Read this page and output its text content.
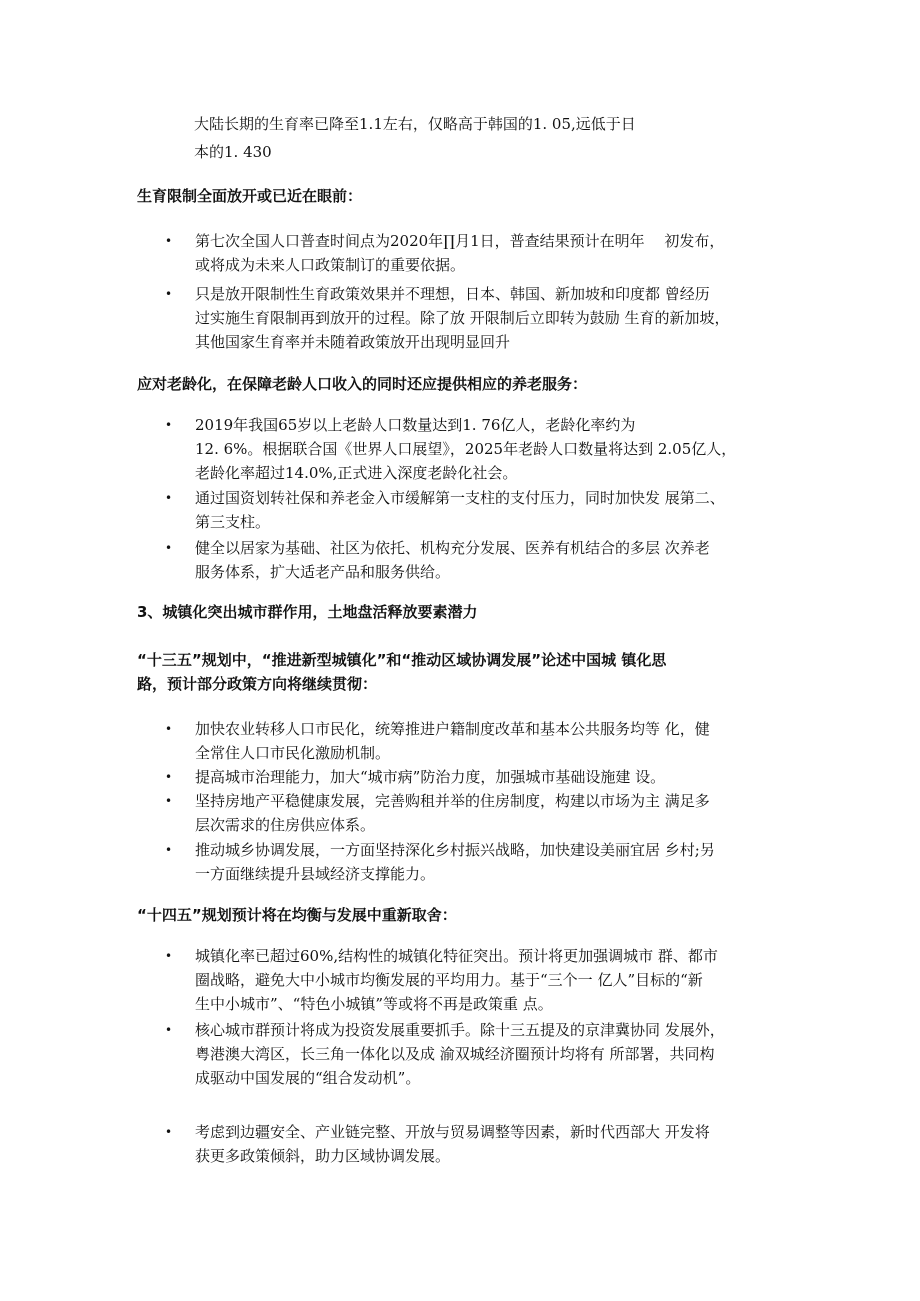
大陆长期的生育率已降至1.1左右，仅略高于韩国的1. 05,远低于日
本的1. 430
生育限制全面放开或已近在眼前：
•	第七次全国人口普查时间点为2020年∏月1日，普查结果预计在明年 　初发布，
或将成为未来人口政策制订的重要依据。
•	只是放开限制性生育政策效果并不理想，日本、韩国、新加坡和印度都 曾经历
过实施生育限制再到放开的过程。除了放 开限制后立即转为鼓励 生育的新加坡，
其他国家生育率并未随着政策放开出现明显回升
应对老龄化，在保障老龄人口收入的同时还应提供相应的养老服务：
•	2019年我国65岁以上老龄人口数量达到1. 76亿人，老龄化率约为
12. 6%。根据联合国《世界人口展望》，2025年老龄人口数量将达到 2.05亿人，
老龄化率超过14.0%,正式进入深度老龄化社会。
•	通过国资划转社保和养老金入市缓解第一支柱的支付压力，同时加快发 展第二、
第三支柱。
•	健全以居家为基础、社区为依托、机构充分发展、医养有机结合的多层 次养老
服务体系，扩大适老产品和服务供给。
3、城镇化突出城市群作用，土地盘活释放要素潜力
“十三五”规划中，“推进新型城镇化”和“推动区域协调发展”论述中国城 镇化思
路，预计部分政策方向将继续贯彻：
•	加快农业转移人口市民化，统筹推进户籍制度改革和基本公共服务均等 化，健
全常住人口市民化激励机制。
•	提高城市治理能力，加大“城市病”防治力度，加强城市基础设施建 设。
•	坚持房地产平稳健康发展，完善购租并举的住房制度，构建以市场为主 满足多
层次需求的住房供应体系。
•	推动城乡协调发展，一方面坚持深化乡村振兴战略，加快建设美丽宜居 乡村;另
一方面继续提升县域经济支撑能力。
“十四五”规划预计将在均衡与发展中重新取舍：
•	城镇化率已超过60%,结构性的城镇化特征突出。预计将更加强调城市 群、都市
圈战略，避免大中小城市均衡发展的平均用力。基于“三个一 亿人”目标的“新
生中小城市”、“特色小城镇”等或将不再是政策重 点。
•	核心城市群预计将成为投资发展重要抓手。除十三五提及的京津冀协同 发展外，
粤港澳大湾区，长三角一体化以及成 渝双城经济圈预计均将有 所部署，共同构
成驱动中国发展的“组合发动机”。
•	考虑到边疆安全、产业链完整、开放与贸易调整等因素，新时代西部大 开发将
获更多政策倾斜，助力区域协调发展。
